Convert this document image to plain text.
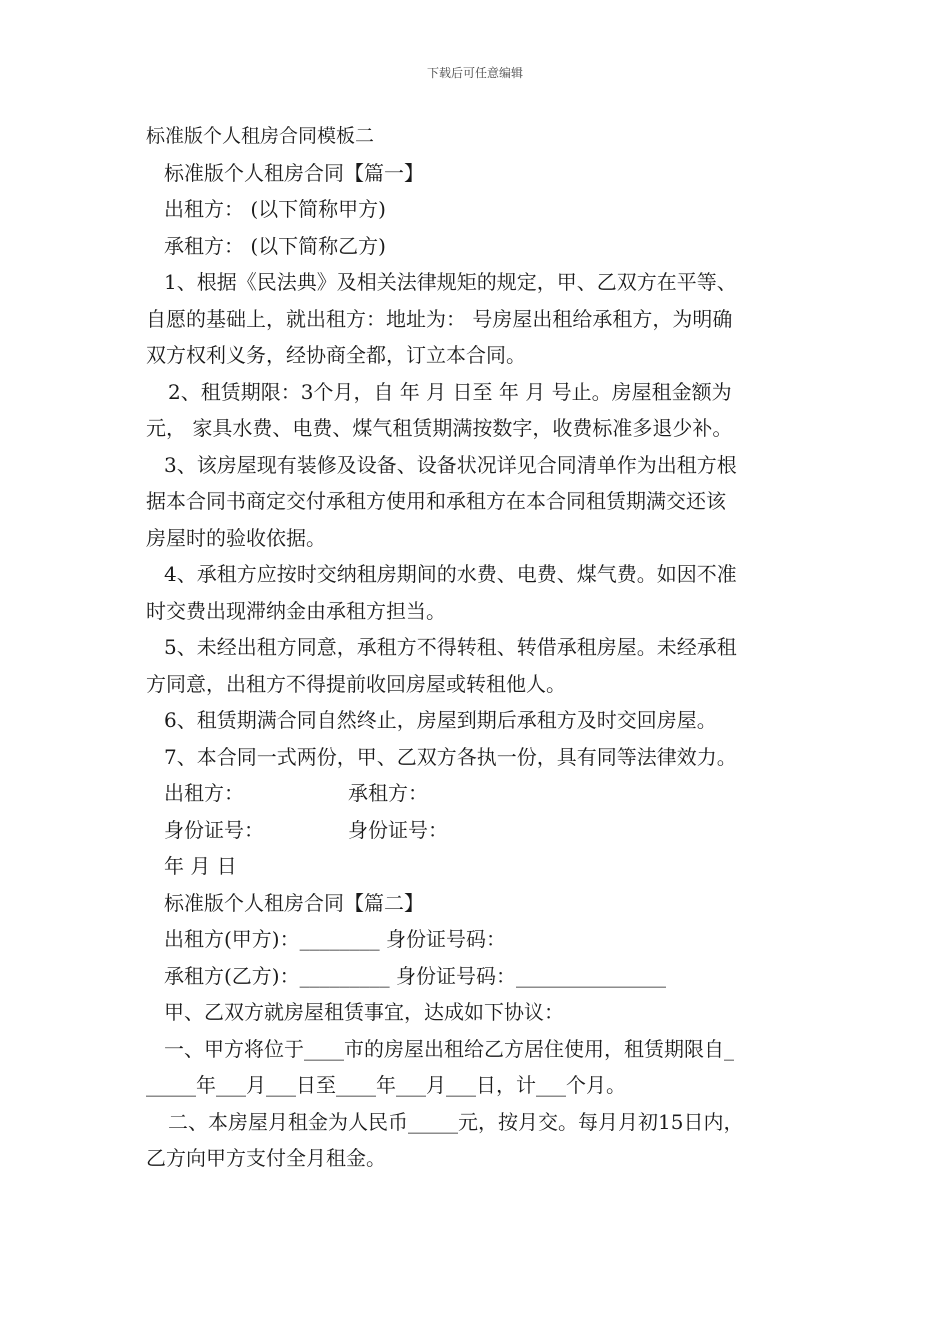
下载后可任意编辑

标准版个人租房合同模板二

标准版个人租房合同【篇一】

出租方： (以下简称甲方)

承租方： (以下简称乙方)

1、根据《民法典》及相关法律规矩的规定，甲、乙双方在平等、

自愿的基础上，就出租方：地址为： 号房屋出租给承租方，为明确

双方权利义务，经协商全都，订立本合同。

2、租赁期限：3个月，自 年 月 日至 年 月 号止。房屋租金额为

元， 家具水费、电费、煤气租赁期满按数字，收费标准多退少补。

3、该房屋现有装修及设备、设备状况详见合同清单作为出租方根

据本合同书商定交付承租方使用和承租方在本合同租赁期满交还该

房屋时的验收依据。

4、承租方应按时交纳租房期间的水费、电费、煤气费。如因不准

时交费出现滞纳金由承租方担当。

5、未经出租方同意，承租方不得转租、转借承租房屋。未经承租

方同意，出租方不得提前收回房屋或转租他人。

6、租赁期满合同自然终止，房屋到期后承租方及时交回房屋。

7、本合同一式两份，甲、乙双方各执一份，具有同等法律效力。

出租方：	承租方：

身份证号：	身份证号：

年 月 日

标准版个人租房合同【篇二】

出租方(甲方)：________ 身份证号码：

承租方(乙方)：_________ 身份证号码：_______________

甲、乙双方就房屋租赁事宜，达成如下协议：

一、甲方将位于____市的房屋出租给乙方居住使用，租赁期限自_

_____年___月___日至____年___月___日，计___个月。

二、本房屋月租金为人民币_____元，按月交。每月月初15日内，

乙方向甲方支付全月租金。
